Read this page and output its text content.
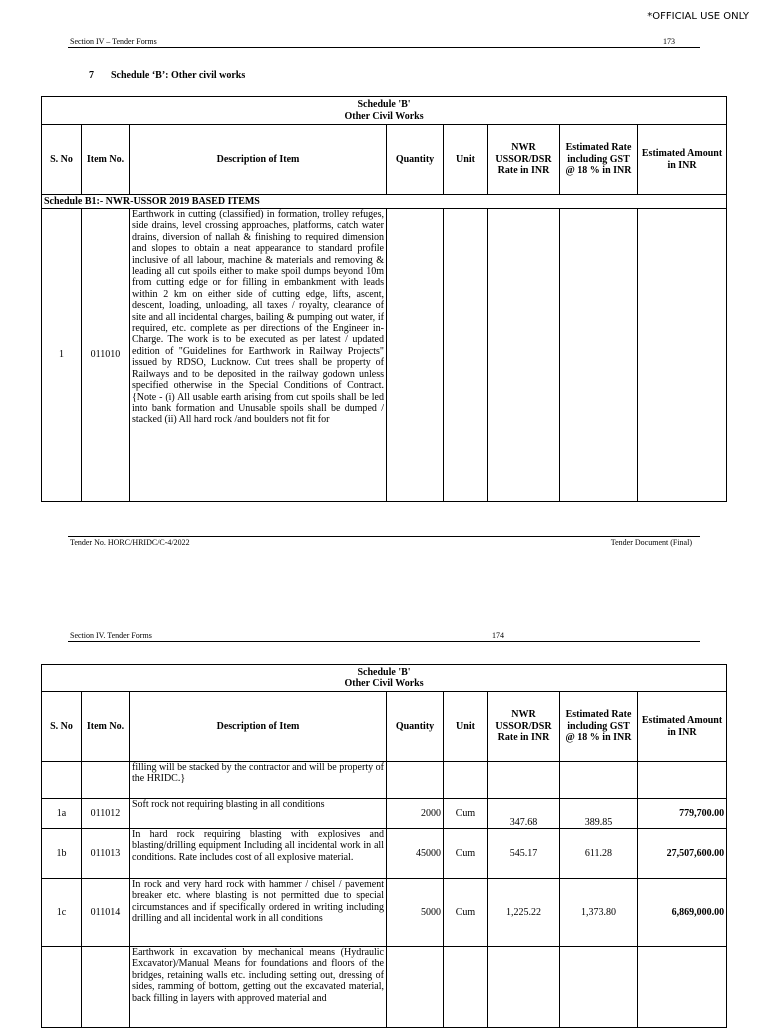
*OFFICIAL USE ONLY
Section IV – Tender Forms	173
7 Schedule ‘B’: Other civil works
Schedule 'B'
Other Civil Works							

S. No	Item No.	Description of Item	Quantity	Unit	NWR USSOR/DSR Rate in INR	Estimated Rate including GST @ 18 % in INR	Estimated Amount in INR
Schedule B1:- NWR-USSOR 2019 BASED ITEMS							
1	011010	Earthwork in cutting (classified) in formation, trolley refuges, side drains, level crossing approaches, platforms, catch water drains, diversion of nallah & finishing to required dimension and slopes to obtain a neat appearance to standard profile inclusive of all labour, machine & materials and removing & leading all cut spoils either to make spoil dumps beyond 10m from cutting edge or for filling in embankment with leads within 2 km on either side of cutting edge, lifts, ascent, descent, loading, unloading, all taxes / royalty, clearance of site and all incidental charges, bailing & pumping out water, if required, etc. complete as per directions of the Engineer in-Charge. The work is to be executed as per latest / updated edition of "Guidelines for Earthwork in Railway Projects" issued by RDSO, Lucknow. Cut trees shall be property of Railways and to be deposited in the railway godown unless specified otherwise in the Special Conditions of Contract. {Note - (i) All usable earth arising from cut spoils shall be led into bank formation and Unusable spoils shall be dumped / stacked (ii) All hard rock /and boulders not fit for					

Tender No. HORC/HRIDC/C-4/2022	Tender Document (Final)
Section IV. Tender Forms	174
Schedule 'B'
Other Civil Works							

S. No	Item No.	Description of Item	Quantity	Unit	NWR USSOR/DSR Rate in INR	Estimated Rate including GST @ 18 % in INR	Estimated Amount in INR
		filling will be stacked by the contractor and will be property of the HRIDC.}					
1a	011012	Soft rock not requiring blasting in all conditions	2000	Cum	347.68	389.85	779,700.00
1b	011013	In hard rock requiring blasting with explosives and blasting/drilling equipment Including all incidental work in all conditions. Rate includes cost of all explosive material.	45000	Cum	545.17	611.28	27,507,600.00
1c	011014	In rock and very hard rock with hammer / chisel / pavement breaker etc. where blasting is not permitted due to special circumstances and if specifically ordered in writing including drilling and all incidental work in all conditions	5000	Cum	1,225.22	1,373.80	6,869,000.00

		Earthwork in excavation by mechanical means (Hydraulic Excavator)/Manual Means for foundations and floors of the bridges, retaining walls etc. including setting out, dressing of sides, ramming of bottom, getting out the excavated material, back filling in layers with approved material and					
